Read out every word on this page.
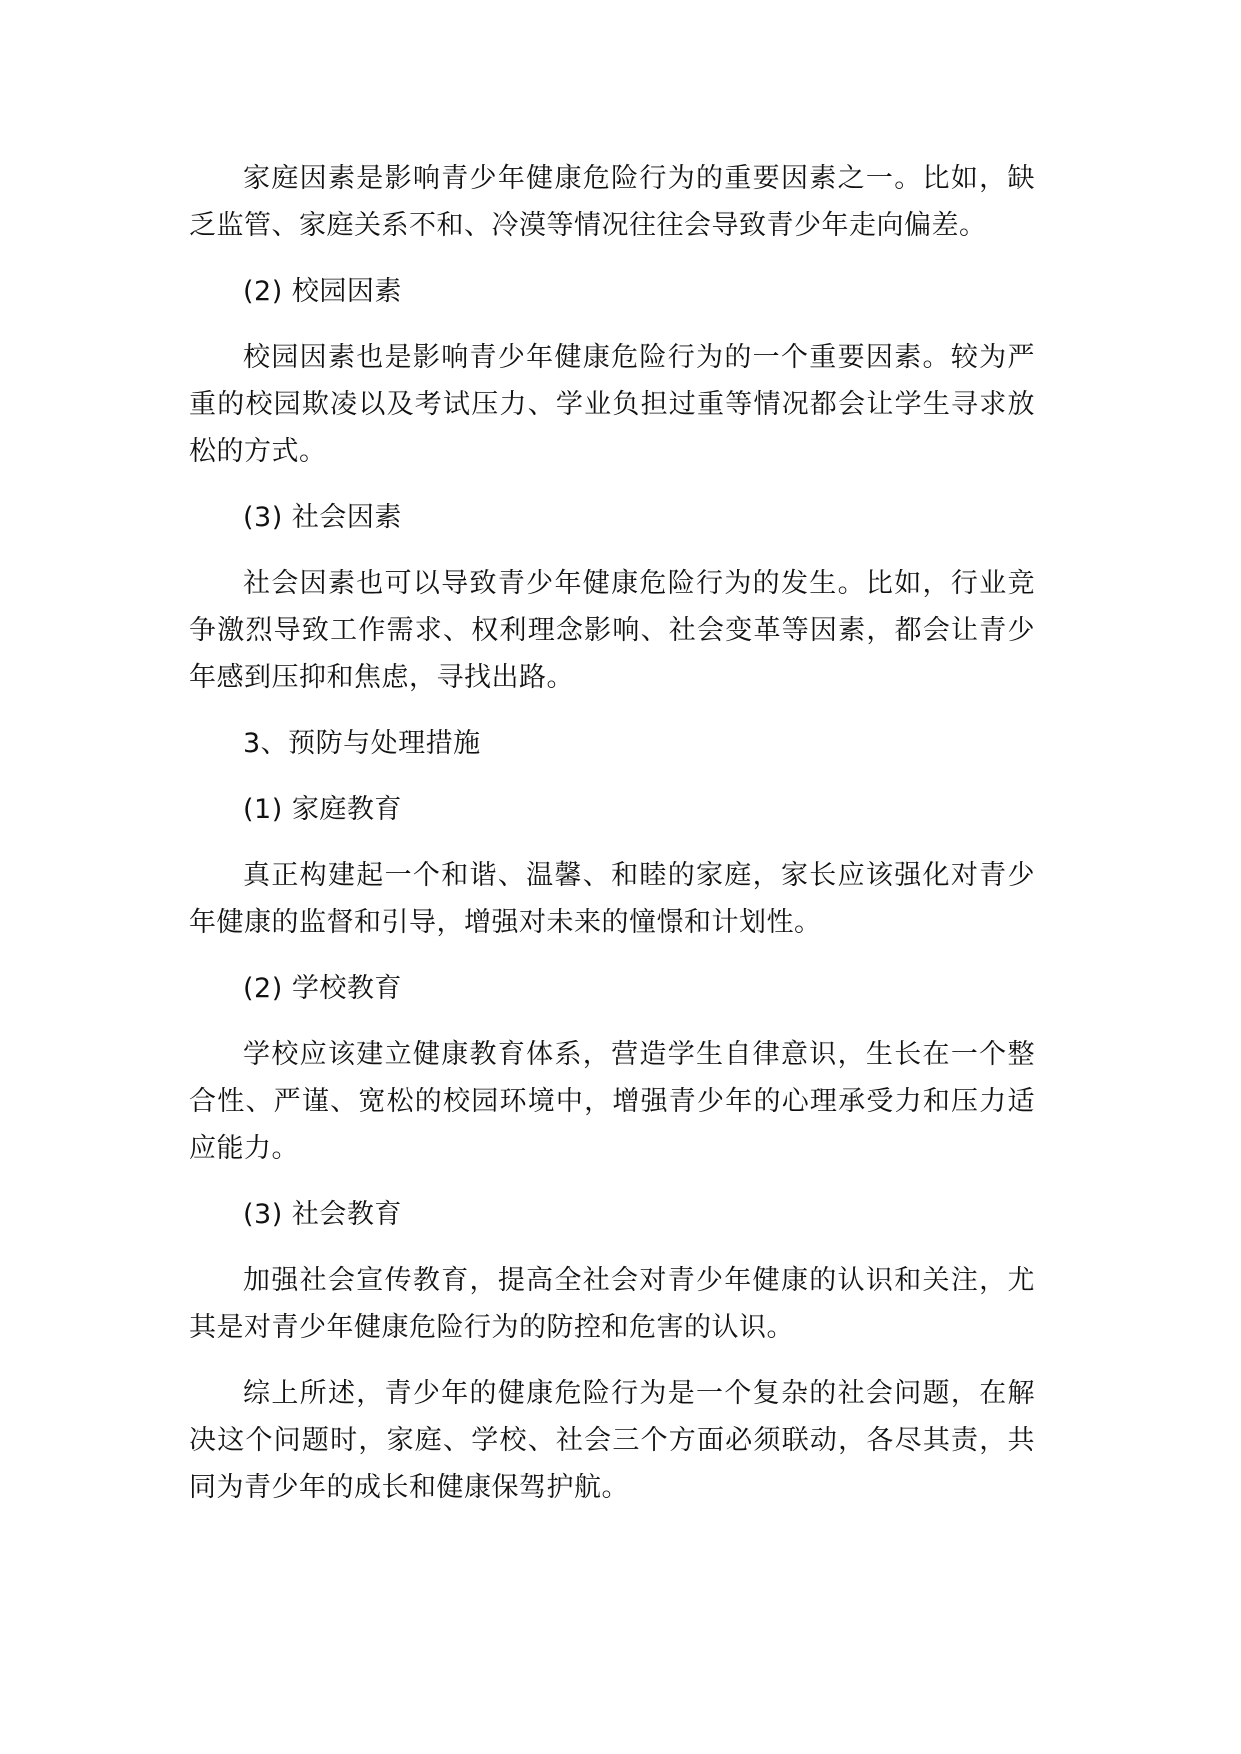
家庭因素是影响青少年健康危险行为的重要因素之一。比如，缺乏监管、家庭关系不和、冷漠等情况往往会导致青少年走向偏差。

(2) 校园因素

校园因素也是影响青少年健康危险行为的一个重要因素。较为严重的校园欺凌以及考试压力、学业负担过重等情况都会让学生寻求放松的方式。

(3) 社会因素

社会因素也可以导致青少年健康危险行为的发生。比如，行业竞争激烈导致工作需求、权利理念影响、社会变革等因素，都会让青少年感到压抑和焦虑，寻找出路。

3、预防与处理措施

(1) 家庭教育

真正构建起一个和谐、温馨、和睦的家庭，家长应该强化对青少年健康的监督和引导，增强对未来的憧憬和计划性。

(2) 学校教育

学校应该建立健康教育体系，营造学生自律意识，生长在一个整合性、严谨、宽松的校园环境中，增强青少年的心理承受力和压力适应能力。

(3) 社会教育

加强社会宣传教育，提高全社会对青少年健康的认识和关注，尤其是对青少年健康危险行为的防控和危害的认识。

综上所述，青少年的健康危险行为是一个复杂的社会问题，在解决这个问题时，家庭、学校、社会三个方面必须联动，各尽其责，共同为青少年的成长和健康保驾护航。
